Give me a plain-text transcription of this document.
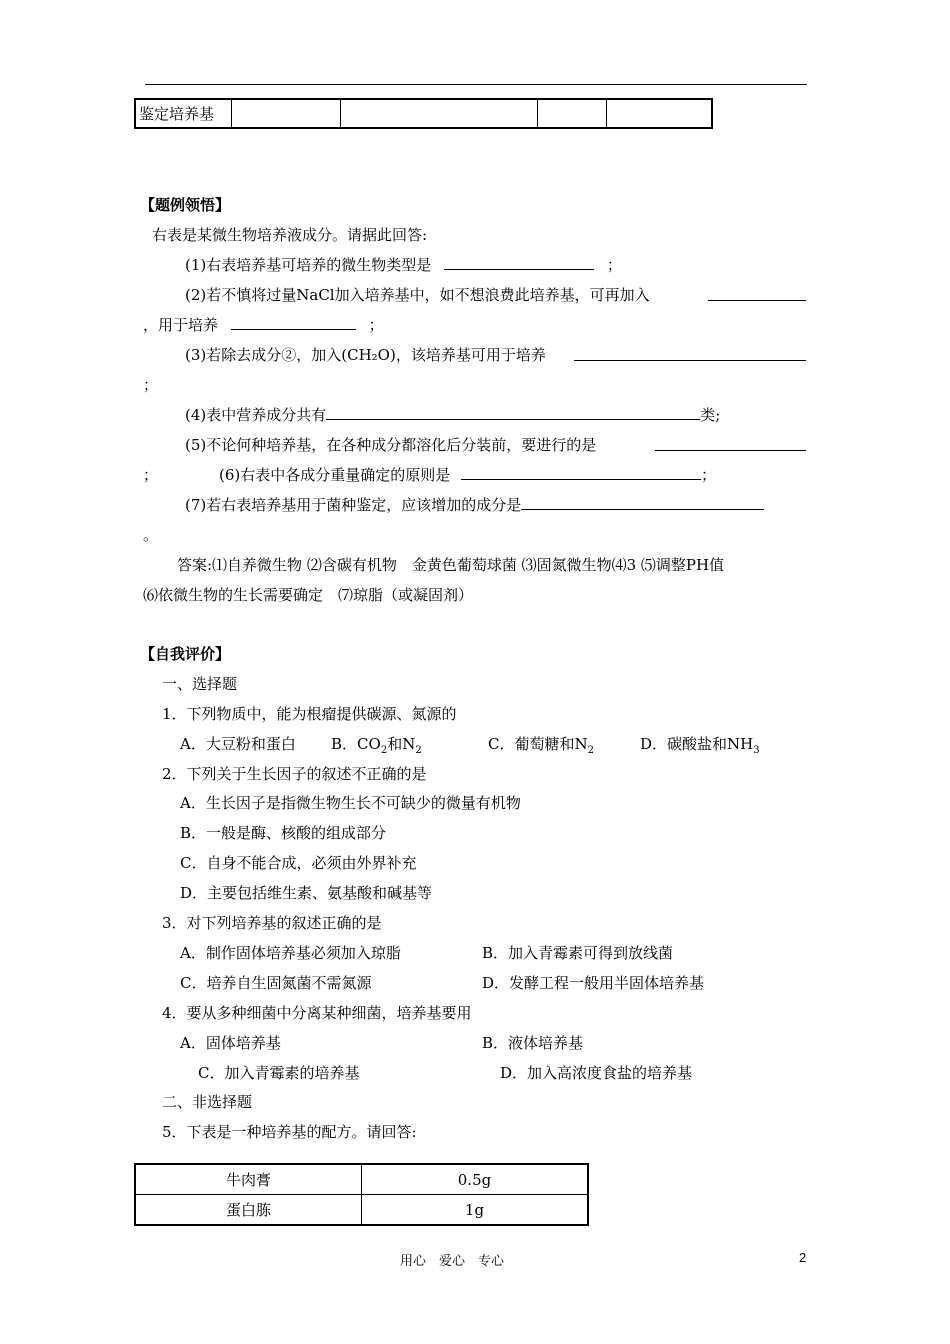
鉴定培养基				
【题例领悟】
右表是某微生物培养液成分。请据此回答:
(1)右表培养基可培养的微生物类型是	；
(2)若不慎将过量NaCl加入培养基中，如不想浪费此培养基，可再加入
，用于培养	；
(3)若除去成分②，加入(CH₂O)，该培养基可用于培养
；
(4)表中营养成分共有	类;
(5)不论何种培养基，在各种成分都溶化后分装前，要进行的是
；	(6)右表中各成分重量确定的原则是	；
(7)若右表培养基用于菌种鉴定，应该增加的成分是
。
答案:⑴自养微生物 ⑵含碳有机物　金黄色葡萄球菌 ⑶固氮微生物⑷3 ⑸调整PH值
⑹依微生物的生长需要确定　⑺琼脂（或凝固剂）
【自我评价】
一、选择题
1．下列物质中，能为根瘤提供碳源、氮源的
A．大豆粉和蛋白 B．$CO_2$和$N_2$	C．葡萄糖和$N_2$	D．碳酸盐和$NH_3$
2．下列关于生长因子的叙述不正确的是
A．生长因子是指微生物生长不可缺少的微量有机物
B．一般是酶、核酸的组成部分
C．自身不能合成，必须由外界补充
D．主要包括维生素、氨基酸和碱基等
3．对下列培养基的叙述正确的是
A．制作固体培养基必须加入琼脂	B．加入青霉素可得到放线菌
C．培养自生固氮菌不需氮源	D．发酵工程一般用半固体培养基
4．要从多种细菌中分离某种细菌，培养基要用
A．固体培养基	B．液体培养基
C．加入青霉素的培养基	D．加入高浓度食盐的培养基
二、非选择题
5．下表是一种培养基的配方。请回答:
牛肉膏	0.5g
蛋白胨	1g
用心　爱心　专心	2
